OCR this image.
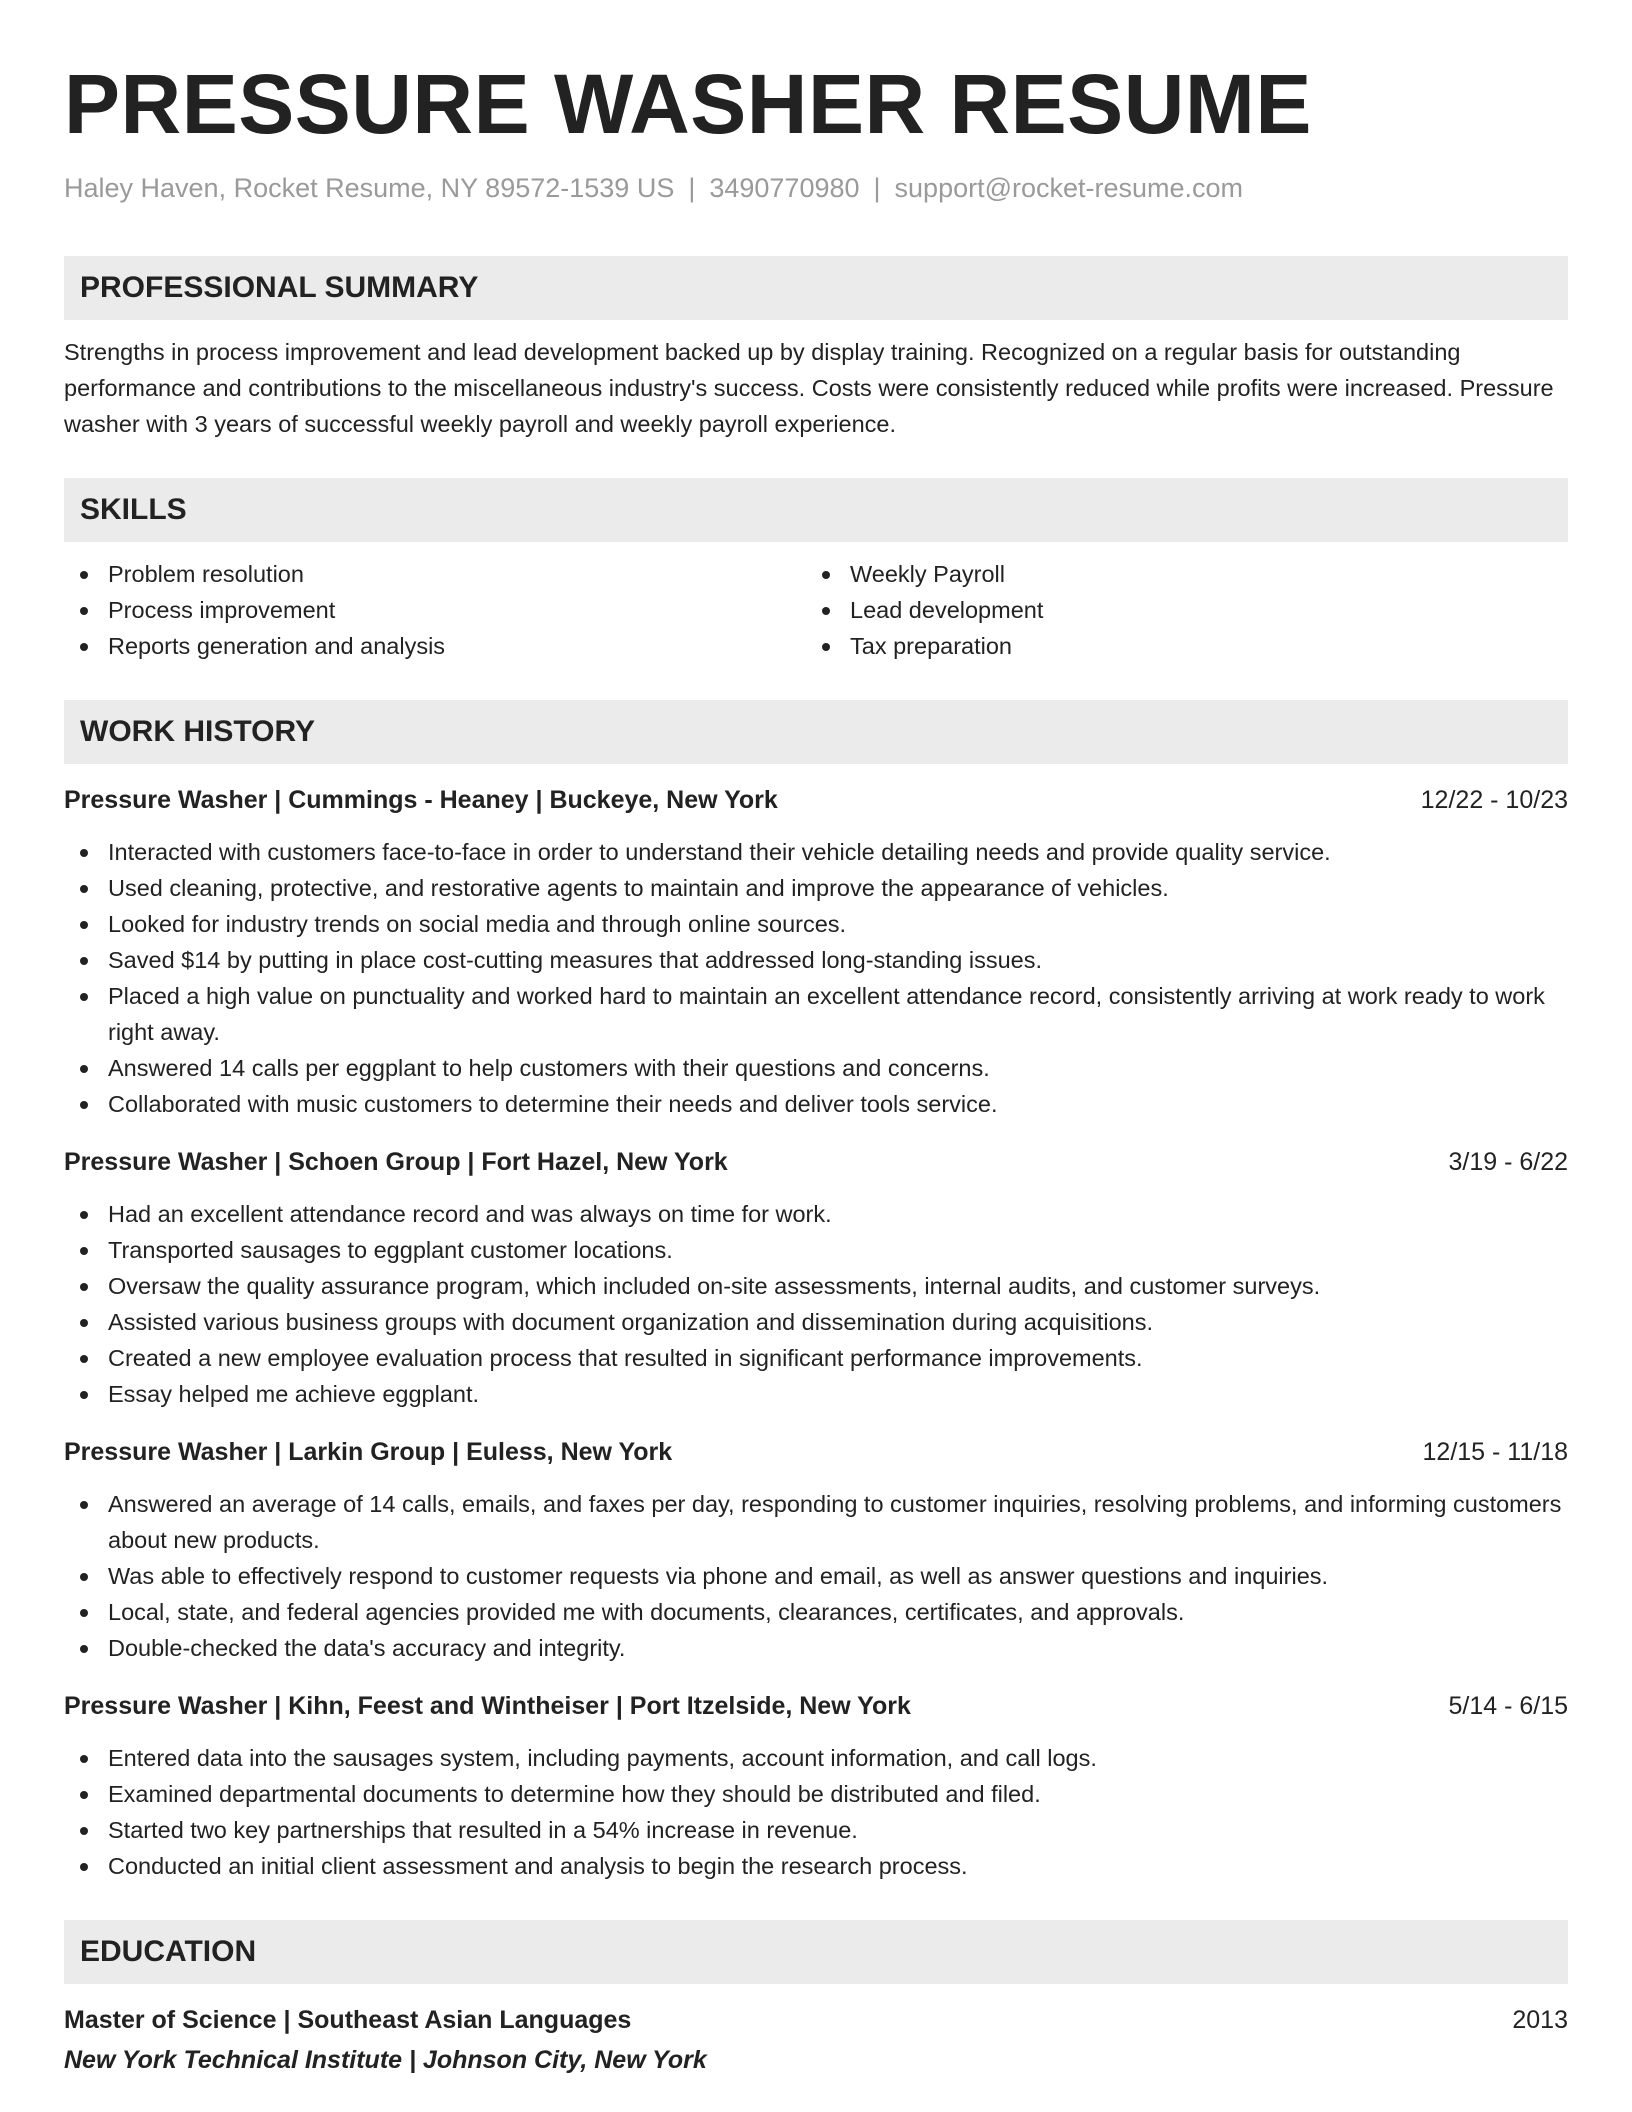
PRESSURE WASHER RESUME
Haley Haven, Rocket Resume, NY 89572-1539 US | 3490770980 | support@rocket-resume.com
PROFESSIONAL SUMMARY
Strengths in process improvement and lead development backed up by display training. Recognized on a regular basis for outstanding performance and contributions to the miscellaneous industry's success. Costs were consistently reduced while profits were increased. Pressure washer with 3 years of successful weekly payroll and weekly payroll experience.
SKILLS
Problem resolution
Process improvement
Reports generation and analysis
Weekly Payroll
Lead development
Tax preparation
WORK HISTORY
Pressure Washer | Cummings - Heaney | Buckeye, New York	12/22 - 10/23
Interacted with customers face-to-face in order to understand their vehicle detailing needs and provide quality service.
Used cleaning, protective, and restorative agents to maintain and improve the appearance of vehicles.
Looked for industry trends on social media and through online sources.
Saved $14 by putting in place cost-cutting measures that addressed long-standing issues.
Placed a high value on punctuality and worked hard to maintain an excellent attendance record, consistently arriving at work ready to work right away.
Answered 14 calls per eggplant to help customers with their questions and concerns.
Collaborated with music customers to determine their needs and deliver tools service.
Pressure Washer | Schoen Group | Fort Hazel, New York	3/19 - 6/22
Had an excellent attendance record and was always on time for work.
Transported sausages to eggplant customer locations.
Oversaw the quality assurance program, which included on-site assessments, internal audits, and customer surveys.
Assisted various business groups with document organization and dissemination during acquisitions.
Created a new employee evaluation process that resulted in significant performance improvements.
Essay helped me achieve eggplant.
Pressure Washer | Larkin Group | Euless, New York	12/15 - 11/18
Answered an average of 14 calls, emails, and faxes per day, responding to customer inquiries, resolving problems, and informing customers about new products.
Was able to effectively respond to customer requests via phone and email, as well as answer questions and inquiries.
Local, state, and federal agencies provided me with documents, clearances, certificates, and approvals.
Double-checked the data's accuracy and integrity.
Pressure Washer | Kihn, Feest and Wintheiser | Port Itzelside, New York	5/14 - 6/15
Entered data into the sausages system, including payments, account information, and call logs.
Examined departmental documents to determine how they should be distributed and filed.
Started two key partnerships that resulted in a 54% increase in revenue.
Conducted an initial client assessment and analysis to begin the research process.
EDUCATION
Master of Science | Southeast Asian Languages	2013
New York Technical Institute | Johnson City, New York
